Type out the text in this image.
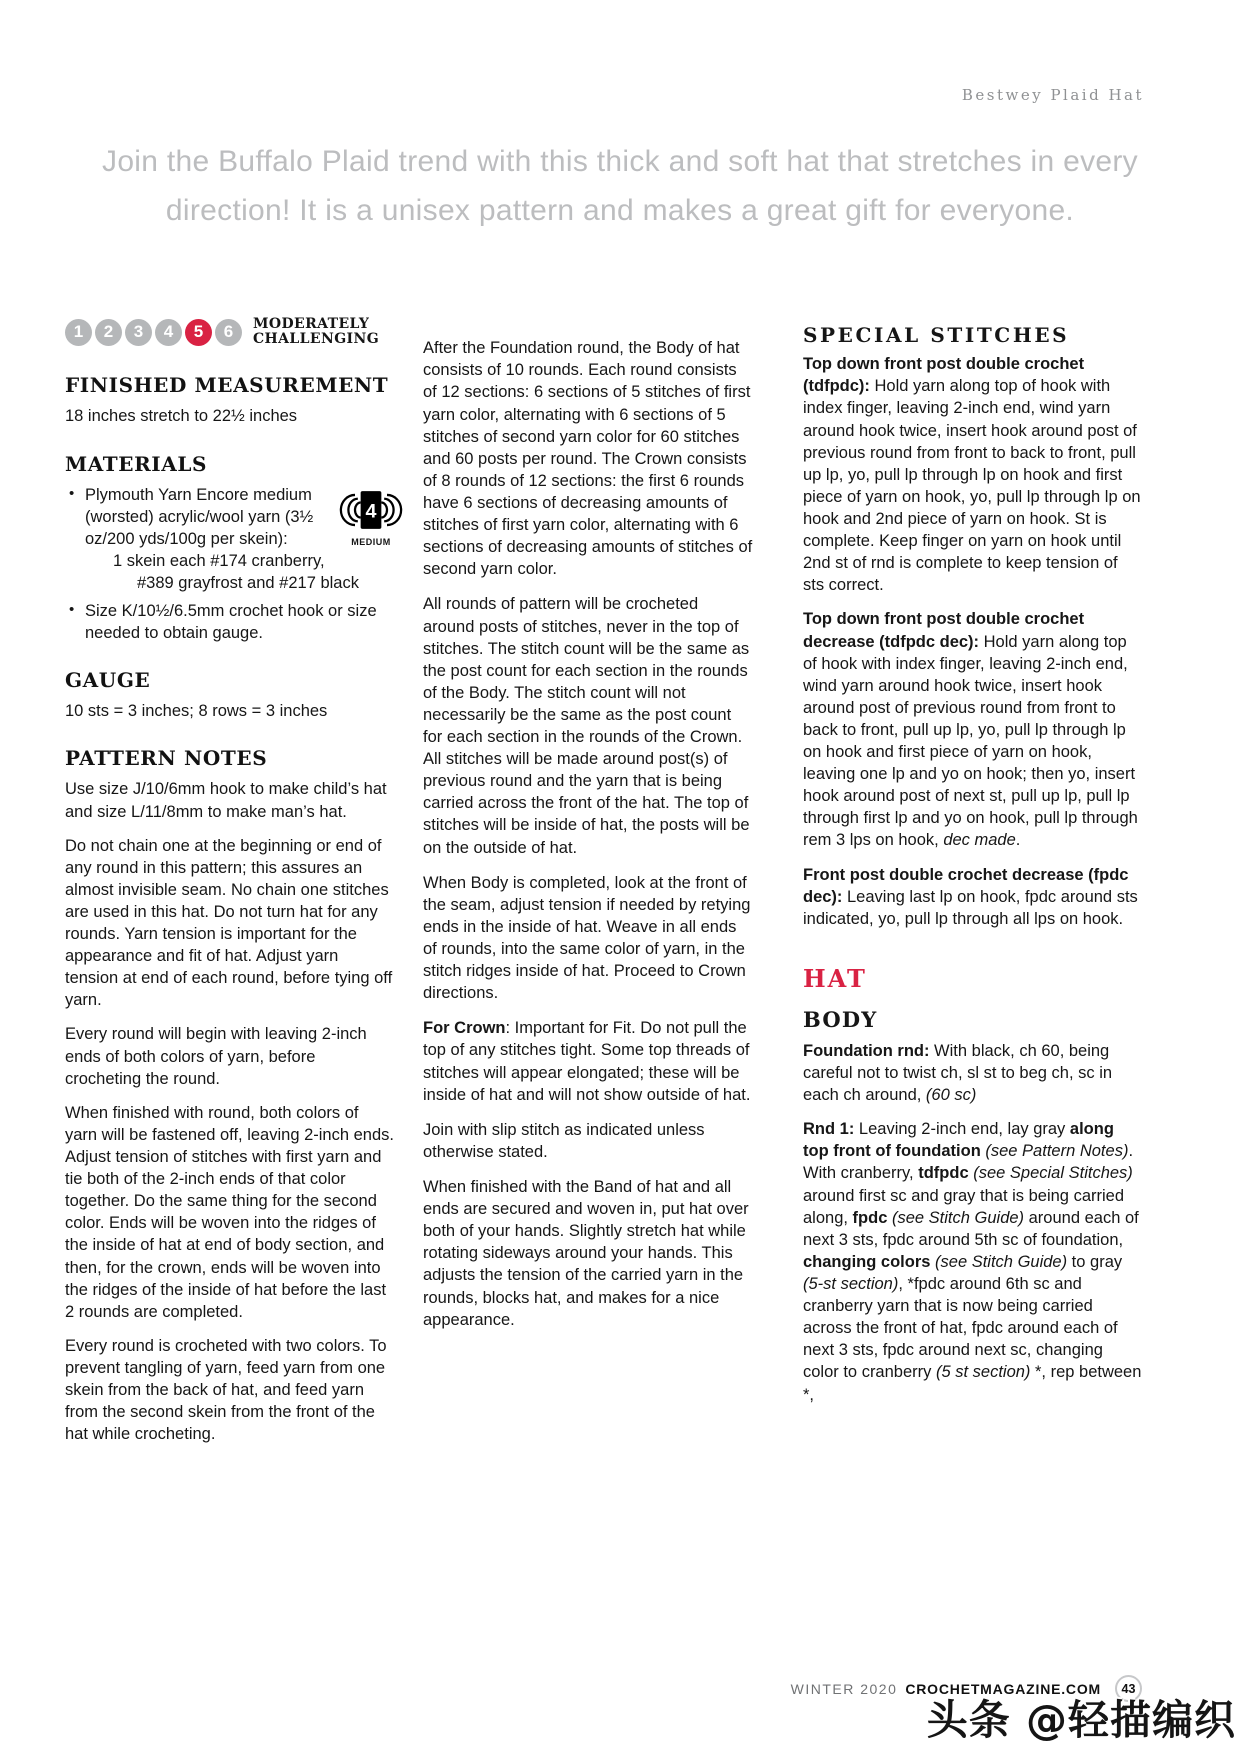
Bestwey Plaid Hat
Join the Buffalo Plaid trend with this thick and soft hat that stretches in every direction! It is a unisex pattern and makes a great gift for everyone.
1	2	3	4	5	6	MODERATELY
CHALLENGING
FINISHED MEASUREMENT

18 inches stretch to 22½ inches

MATERIALS
• Plymouth Yarn Encore medium (worsted) acrylic/wool yarn (3½ oz/200 yds/100g per skein):
1 skein each #174 cranberry,
#389 grayfrost and #217 black
4
MEDIUM
• Size K/10½/6.5mm crochet hook or size needed to obtain gauge.
GAUGE

10 sts = 3 inches; 8 rows = 3 inches

PATTERN NOTES

Use size J/10/6mm hook to make child’s hat and size L/11/8mm to make man’s hat.

Do not chain one at the beginning or end of any round in this pattern; this assures an almost invisible seam. No chain one stitches are used in this hat. Do not turn hat for any rounds. Yarn tension is important for the appearance and fit of hat. Adjust yarn tension at end of each round, before tying off yarn.

Every round will begin with leaving 2-inch ends of both colors of yarn, before crocheting the round.

When finished with round, both colors of yarn will be fastened off, leaving 2-inch ends. Adjust tension of stitches with first yarn and tie both of the 2-inch ends of that color together. Do the same thing for the second color. Ends will be woven into the ridges of the inside of hat at end of body section, and then, for the crown, ends will be woven into the ridges of the inside of hat before the last 2 rounds are completed.

Every round is crocheted with two colors. To prevent tangling of yarn, feed yarn from one skein from the back of hat, and feed yarn from the second skein from the front of the hat while crocheting.

After the Foundation round, the Body of hat consists of 10 rounds. Each round consists of 12 sections: 6 sections of 5 stitches of first yarn color, alternating with 6 sections of 5 stitches of second yarn color for 60 stitches and 60 posts per round. The Crown consists of 8 rounds of 12 sections: the first 6 rounds have 6 sections of decreasing amounts of stitches of first yarn color, alternating with 6 sections of decreasing amounts of stitches of second yarn color.

All rounds of pattern will be crocheted around posts of stitches, never in the top of stitches. The stitch count will be the same as the post count for each section in the rounds of the Body. The stitch count will not necessarily be the same as the post count for each section in the rounds of the Crown. All stitches will be made around post(s) of previous round and the yarn that is being carried across the front of the hat. The top of stitches will be inside of hat, the posts will be on the outside of hat.

When Body is completed, look at the front of the seam, adjust tension if needed by retying ends in the inside of hat. Weave in all ends of rounds, into the same color of yarn, in the stitch ridges inside of hat. Proceed to Crown directions.

For Crown: Important for Fit. Do not pull the top of any stitches tight. Some top threads of stitches will appear elongated; these will be inside of hat and will not show outside of hat.

Join with slip stitch as indicated unless otherwise stated.

When finished with the Band of hat and all ends are secured and woven in, put hat over both of your hands. Slightly stretch hat while rotating sideways around your hands. This adjusts the tension of the carried yarn in the rounds, blocks hat, and makes for a nice appearance.

SPECIAL STITCHES

Top down front post double crochet (tdfpdc): Hold yarn along top of hook with index finger, leaving 2-inch end, wind yarn around hook twice, insert hook around post of previous round from front to back to front, pull up lp, yo, pull lp through lp on hook and first piece of yarn on hook, yo, pull lp through lp on hook and 2nd piece of yarn on hook. St is complete. Keep finger on yarn on hook until 2nd st of rnd is complete to keep tension of sts correct.

Top down front post double crochet decrease (tdfpdc dec): Hold yarn along top of hook with index finger, leaving 2-inch end, wind yarn around hook twice, insert hook around post of previous round from front to back to front, pull up lp, yo, pull lp through lp on hook and first piece of yarn on hook, leaving one lp and yo on hook; then yo, insert hook around post of next st, pull up lp, pull lp through first lp and yo on hook, pull lp through rem 3 lps on hook, dec made.

Front post double crochet decrease (fpdc dec): Leaving last lp on hook, fpdc around sts indicated, yo, pull lp through all lps on hook.

HAT
BODY

Foundation rnd: With black, ch 60, being careful not to twist ch, sl st to beg ch, sc in each ch around, (60 sc)

Rnd 1: Leaving 2-inch end, lay gray along top front of foundation (see Pattern Notes). With cranberry, tdfpdc (see Special Stitches) around first sc and gray that is being carried along, fpdc (see Stitch Guide) around each of next 3 sts, fpdc around 5th sc of foundation, changing colors (see Stitch Guide) to gray (5-st section), *fpdc around 6th sc and cranberry yarn that is now being carried across the front of hat, fpdc around each of next 3 sts, fpdc around next sc, changing color to cranberry (5 st section) *, rep between *,

WINTER 2020 CROCHETMAGAZINE.COM	43
头条 @轻描编织
